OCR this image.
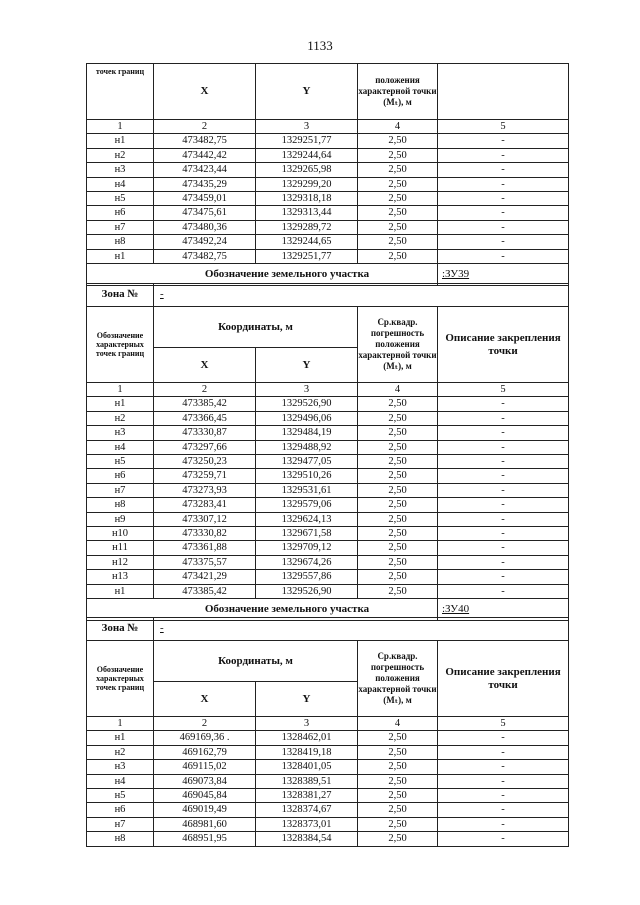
1133
точек границ	X	Y	положения характерной точки (Mₜ), м	
1	2	3	4	5
н1	473482,75	1329251,77	2,50	-
н2	473442,42	1329244,64	2,50	-
н3	473423,44	1329265,98	2,50	-
н4	473435,29	1329299,20	2,50	-
н5	473459,01	1329318,18	2,50	-
н6	473475,61	1329313,44	2,50	-
н7	473480,36	1329289,72	2,50	-
н8	473492,24	1329244,65	2,50	-
н1	473482,75	1329251,77	2,50	-
Обозначение земельного участка				:ЗУ39
Зона №	-			
Обозначение характерных точек границ	Координаты, м		Ср.квадр. погрешность положения характерной точки (Mₜ), м	Описание закрепления точки
	X	Y		
1	2	3	4	5
н1	473385,42	1329526,90	2,50	-
н2	473366,45	1329496,06	2,50	-
н3	473330,87	1329484,19	2,50	-
н4	473297,66	1329488,92	2,50	-
н5	473250,23	1329477,05	2,50	-
н6	473259,71	1329510,26	2,50	-
н7	473273,93	1329531,61	2,50	-
н8	473283,41	1329579,06	2,50	-
н9	473307,12	1329624,13	2,50	-
н10	473330,82	1329671,58	2,50	-
н11	473361,88	1329709,12	2,50	-
н12	473375,57	1329674,26	2,50	-
н13	473421,29	1329557,86	2,50	-
н1	473385,42	1329526,90	2,50	-
Обозначение земельного участка				:ЗУ40
Зона №	-			
Обозначение характерных точек границ	Координаты, м		Ср.квадр. погрешность положения характерной точки (Mₜ), м	Описание закрепления точки
	X	Y		
1	2	3	4	5
н1	469169,36 .	1328462,01	2,50	-
н2	469162,79	1328419,18	2,50	-
н3	469115,02	1328401,05	2,50	-
н4	469073,84	1328389,51	2,50	-
н5	469045,84	1328381,27	2,50	-
н6	469019,49	1328374,67	2,50	-
н7	468981,60	1328373,01	2,50	-
н8	468951,95	1328384,54	2,50	-
